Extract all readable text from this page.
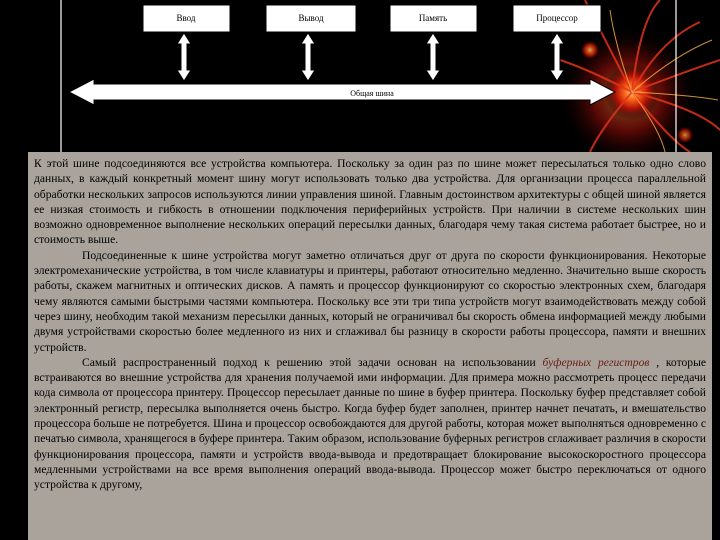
Ввод	Вывод	Память	Процессор
Общая шина

К этой шине подсоединяются все устройства компьютера. Поскольку за один раз по шине может пересылаться только одно слово данных, в каждый конкретный момент шину могут использовать только два устройства. Для организации процесса параллельной обработки нескольких запросов используются линии управления шиной. Главным достоинством архитектуры с общей шиной является ее низкая стоимость и гибкость в отношении подключения периферийных устройств. При наличии в системе нескольких шин возможно одновременное выполнение нескольких операций пересылки данных, благодаря чему такая система работает быстрее, но и стоимость выше.

Подсоединенные к шине устройства могут заметно отличаться друг от друга по скорости функционирования. Некоторые электромеханические устройства, в том числе клавиатуры и принтеры, работают относительно медленно. Значительно выше скорость работы, скажем магнитных и оптических дисков. А память и процессор функционируют со скоростью электронных схем, благодаря чему являются самыми быстрыми частями компьютера. Поскольку все эти три типа устройств могут взаимодействовать между собой через шину, необходим такой механизм пересылки данных, который не ограничивал бы скорость обмена информацией между любыми двумя устройствами скоростью более медленного из них и сглаживал бы разницу в скорости работы процессора, памяти и внешних устройств.

Самый распространенный подход к решению этой задачи основан на использовании буферных регистров , которые встраиваются во внешние устройства для хранения получаемой ими информации. Для примера можно рассмотреть процесс передачи кода символа от процессора принтеру. Процессор пересылает данные по шине в буфер принтера. Поскольку буфер представляет собой электронный регистр, пересылка выполняется очень быстро. Когда буфер будет заполнен, принтер начнет печатать, и вмешательство процессора больше не потребуется. Шина и процессор освобождаются для другой работы, которая может выполняться одновременно с печатью символа, хранящегося в буфере принтера. Таким образом, использование буферных регистров сглаживает различия в скорости функционирования процессора, памяти и устройств ввода-вывода и предотвращает блокирование высокоскоростного процессора медленными устройствами на все время выполнения операций ввода-вывода. Процессор может быстро переключаться от одного устройства к другому,
